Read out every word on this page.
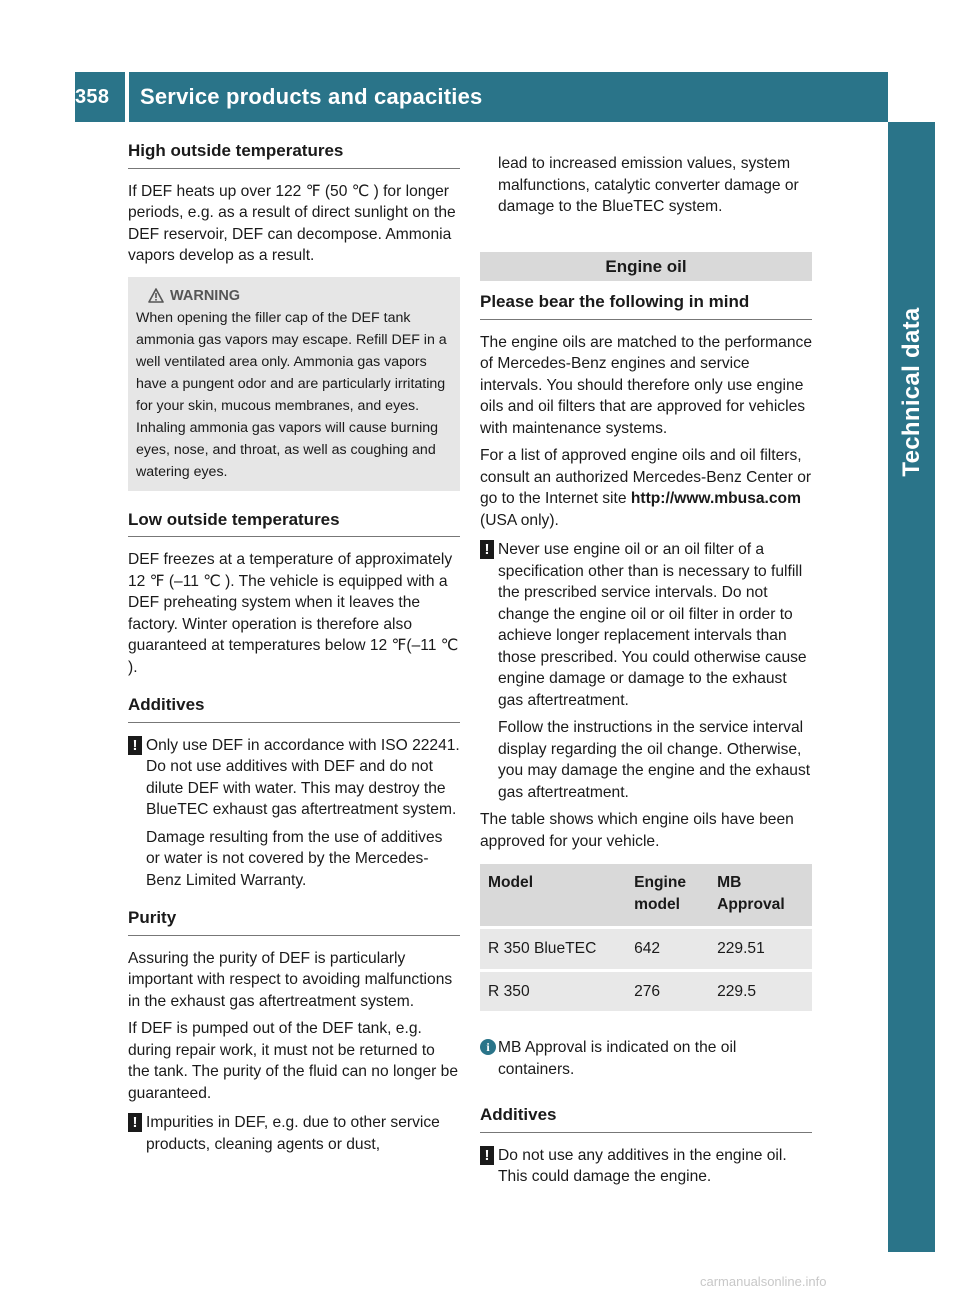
358	Service products and capacities
Technical data
High outside temperatures
If DEF heats up over 122 ℉ (50 ℃ ) for longer periods, e.g. as a result of direct sunlight on the DEF reservoir, DEF can decompose. Ammonia vapors develop as a result.
WARNING
When opening the filler cap of the DEF tank ammonia gas vapors may escape. Refill DEF in a well ventilated area only. Ammonia gas vapors have a pungent odor and are particularly irritating for your skin, mucous membranes, and eyes. Inhaling ammonia gas vapors will cause burning eyes, nose, and throat, as well as coughing and watering eyes.
Low outside temperatures
DEF freezes at a temperature of approximately 12 ℉ (–11 ℃ ). The vehicle is equipped with a DEF preheating system when it leaves the factory. Winter operation is therefore also guaranteed at temperatures below 12 ℉(–11 ℃ ).
Additives
! Only use DEF in accordance with ISO 22241. Do not use additives with DEF and do not dilute DEF with water. This may destroy the BlueTEC exhaust gas aftertreatment system.
Damage resulting from the use of additives or water is not covered by the Mercedes-Benz Limited Warranty.
Purity
Assuring the purity of DEF is particularly important with respect to avoiding malfunctions in the exhaust gas aftertreatment system.
If DEF is pumped out of the DEF tank, e.g. during repair work, it must not be returned to the tank. The purity of the fluid can no longer be guaranteed.
! Impurities in DEF, e.g. due to other service products, cleaning agents or dust,
lead to increased emission values, system malfunctions, catalytic converter damage or damage to the BlueTEC system.
Engine oil
Please bear the following in mind
The engine oils are matched to the performance of Mercedes-Benz engines and service intervals. You should therefore only use engine oils and oil filters that are approved for vehicles with maintenance systems.
For a list of approved engine oils and oil filters, consult an authorized Mercedes-Benz Center or go to the Internet site http://www.mbusa.com (USA only).
! Never use engine oil or an oil filter of a specification other than is necessary to fulfill the prescribed service intervals. Do not change the engine oil or oil filter in order to achieve longer replacement intervals than those prescribed. You could otherwise cause engine damage or damage to the exhaust gas aftertreatment.
Follow the instructions in the service interval display regarding the oil change. Otherwise, you may damage the engine and the exhaust gas aftertreatment.
The table shows which engine oils have been approved for your vehicle.
Model	Engine model	MB Approval
R 350 BlueTEC	642	229.51
R 350	276	229.5
i MB Approval is indicated on the oil containers.
Additives
! Do not use any additives in the engine oil. This could damage the engine.
carmanualsonline.info
